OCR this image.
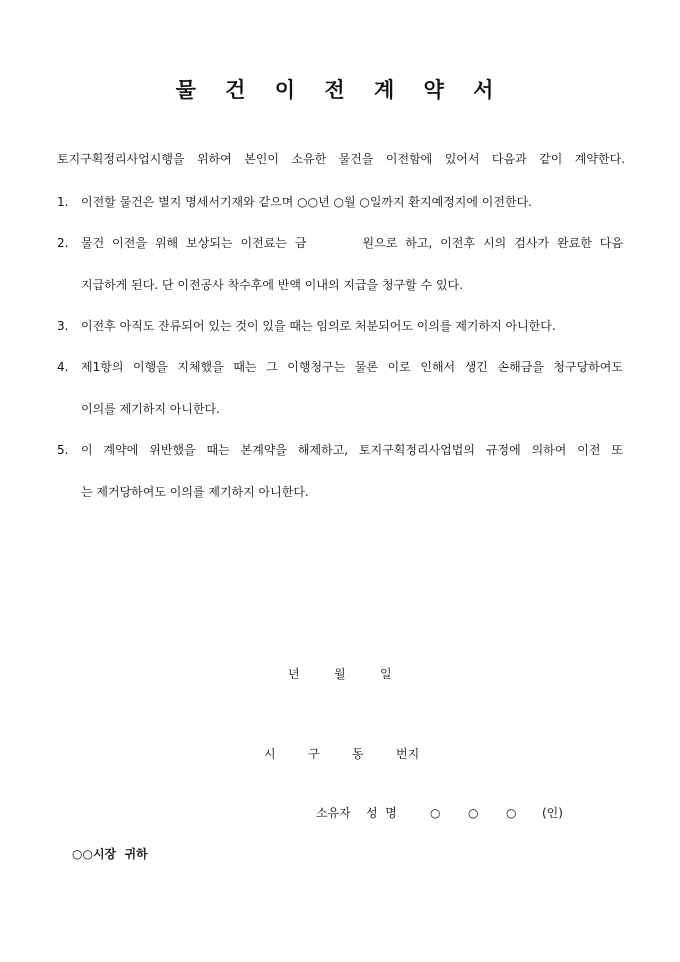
물 건 이 전 계 약 서
토지구획정리사업시행을 위하여 본인이 소유한 물건을 이전함에 있어서 다음과 같이 계약한다.
1.	이전할 물건은 별지 명세서기재와 같으며 ○○년 ○월 ○일까지 환지예정지에 이전한다.
2.	물건 이전을 위해 보상되는 이전료는 금       원으로 하고, 이전후 시의 검사가 완료한 다음
지급하게 된다. 단 이전공사 착수후에 반액 이내의 지급을 청구할 수 있다.
3.	이전후 아직도 잔류되어 있는 것이 있을 때는 임의로 처분되어도 이의를 제기하지 아니한다.
4.	제1항의 이행을 지체했을 때는 그 이행청구는 물론 이로 인해서 생긴 손해금을 청구당하여도
이의를 제기하지 아니한다.
5.	이 계약에 위반했을 때는 본계약을 해제하고, 토지구획정리사업법의 규정에 의하여 이전 또
는 제거당하여도 이의를 제기하지 아니한다.
년	월	일
시	구	동	번지
소유자 성  명	○ ○ ○ (인)
○○시장  귀하
